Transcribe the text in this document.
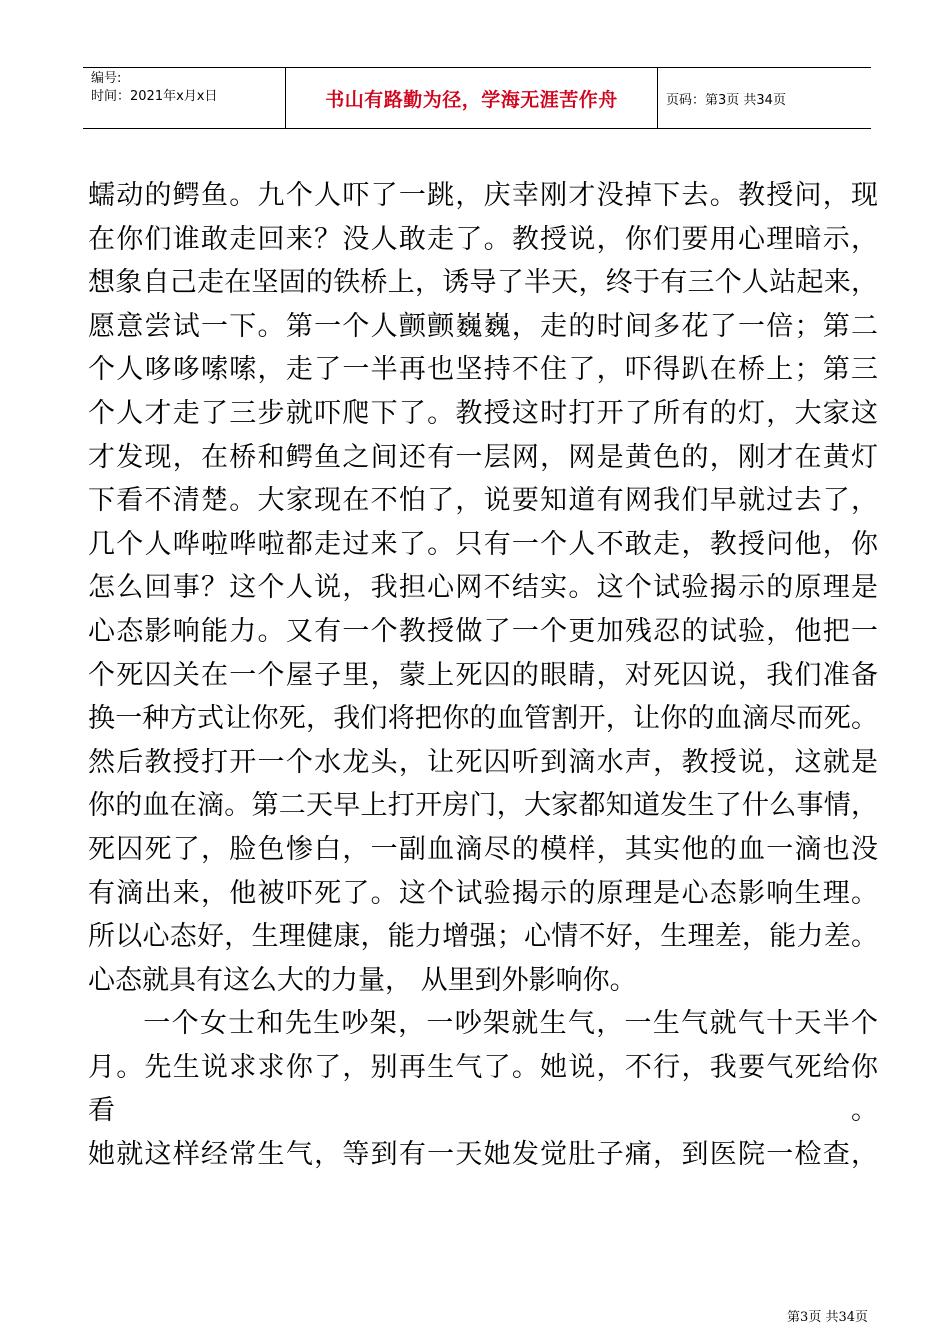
编号:
时间：2021年x月x日	书山有路勤为径，学海无涯苦作舟	页码：第3页 共34页

蠕动的鳄鱼。九个人吓了一跳，庆幸刚才没掉下去。教授问，现

在你们谁敢走回来？没人敢走了。教授说，你们要用心理暗示，

想象自己走在坚固的铁桥上，诱导了半天，终于有三个人站起来，

愿意尝试一下。第一个人颤颤巍巍，走的时间多花了一倍；第二

个人哆哆嗦嗦，走了一半再也坚持不住了，吓得趴在桥上；第三

个人才走了三步就吓爬下了。教授这时打开了所有的灯，大家这

才发现，在桥和鳄鱼之间还有一层网，网是黄色的，刚才在黄灯

下看不清楚。大家现在不怕了，说要知道有网我们早就过去了，

几个人哗啦哗啦都走过来了。只有一个人不敢走，教授问他，你

怎么回事？这个人说，我担心网不结实。这个试验揭示的原理是

心态影响能力。又有一个教授做了一个更加残忍的试验，他把一

个死囚关在一个屋子里，蒙上死囚的眼睛，对死囚说，我们准备

换一种方式让你死，我们将把你的血管割开，让你的血滴尽而死。

然后教授打开一个水龙头，让死囚听到滴水声，教授说，这就是

你的血在滴。第二天早上打开房门，大家都知道发生了什么事情，

死囚死了，脸色惨白，一副血滴尽的模样，其实他的血一滴也没

有滴出来，他被吓死了。这个试验揭示的原理是心态影响生理。

所以心态好，生理健康，能力增强；心情不好，生理差，能力差。

心态就具有这么大的力量， 从里到外影响你。

一个女士和先生吵架，一吵架就生气，一生气就气十天半个

月。先生说求求你了，别再生气了。她说，不行，我要气死给你看。

她就这样经常生气，等到有一天她发觉肚子痛，到医院一检查，

第3页 共34页
